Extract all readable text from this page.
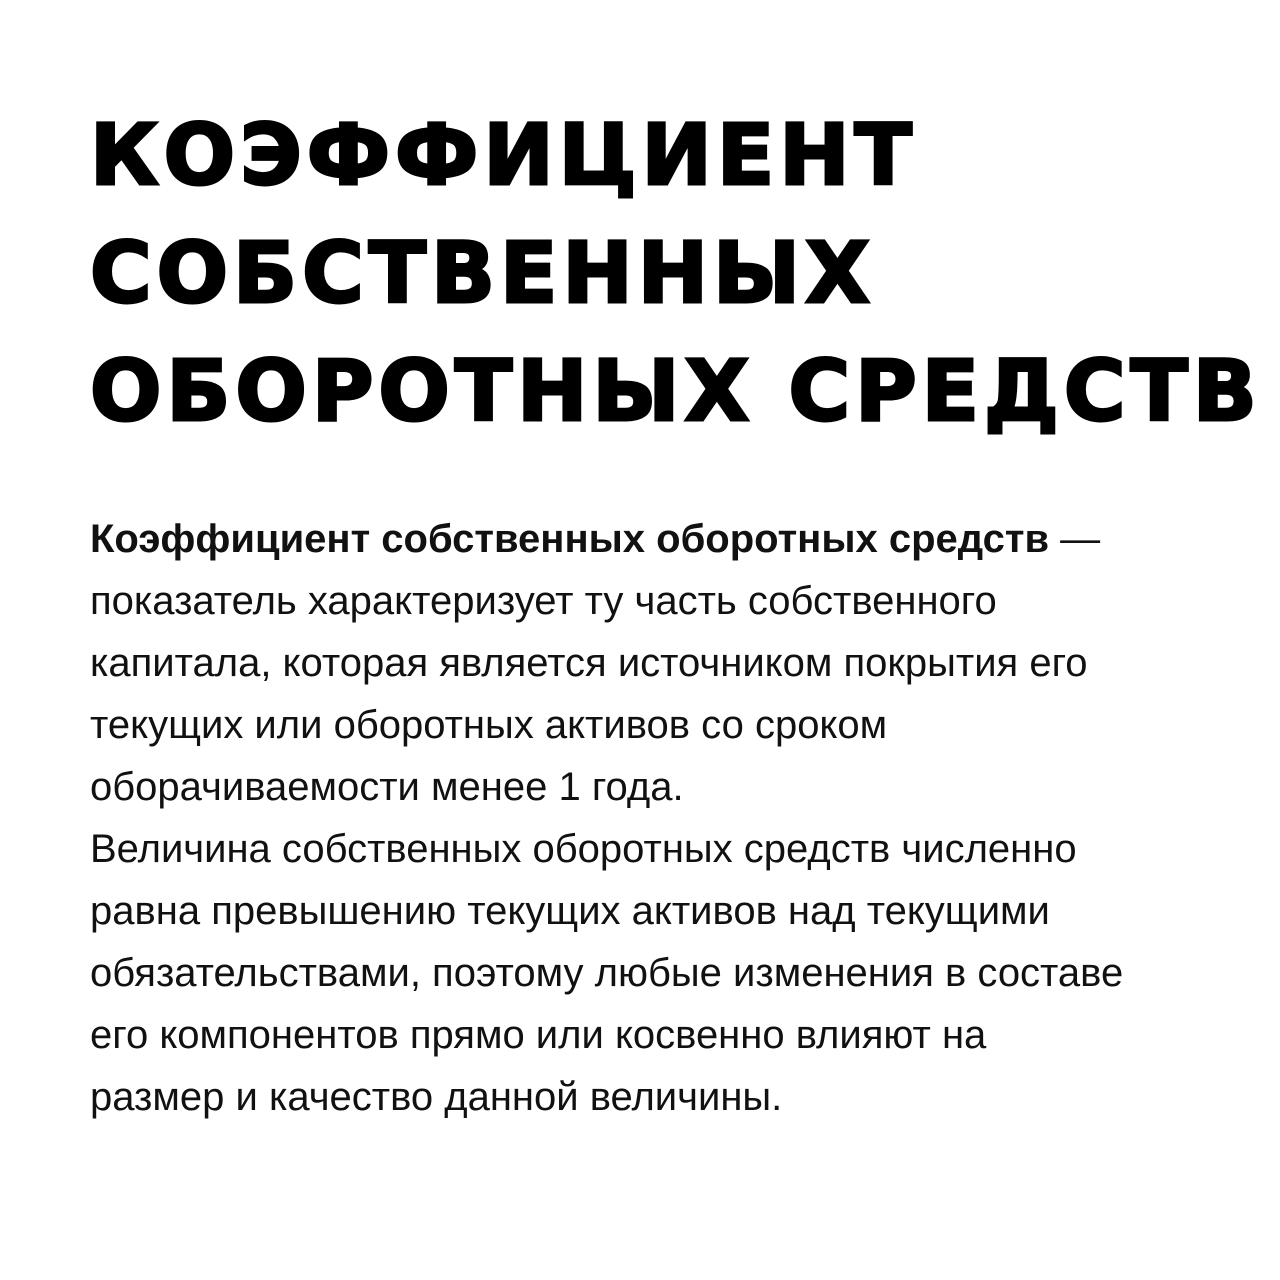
КОЭФФИЦИЕНТ
СОБСТВЕННЫХ
ОБОРОТНЫХ СРЕДСТВ
Коэффициент собственных оборотных средств —
показатель характеризует ту часть собственного
капитала, которая является источником покрытия его
текущих или оборотных активов со сроком
оборачиваемости менее 1 года.
Величина собственных оборотных средств численно
равна превышению текущих активов над текущими
обязательствами, поэтому любые изменения в составе
его компонентов прямо или косвенно влияют на
размер и качество данной величины.
